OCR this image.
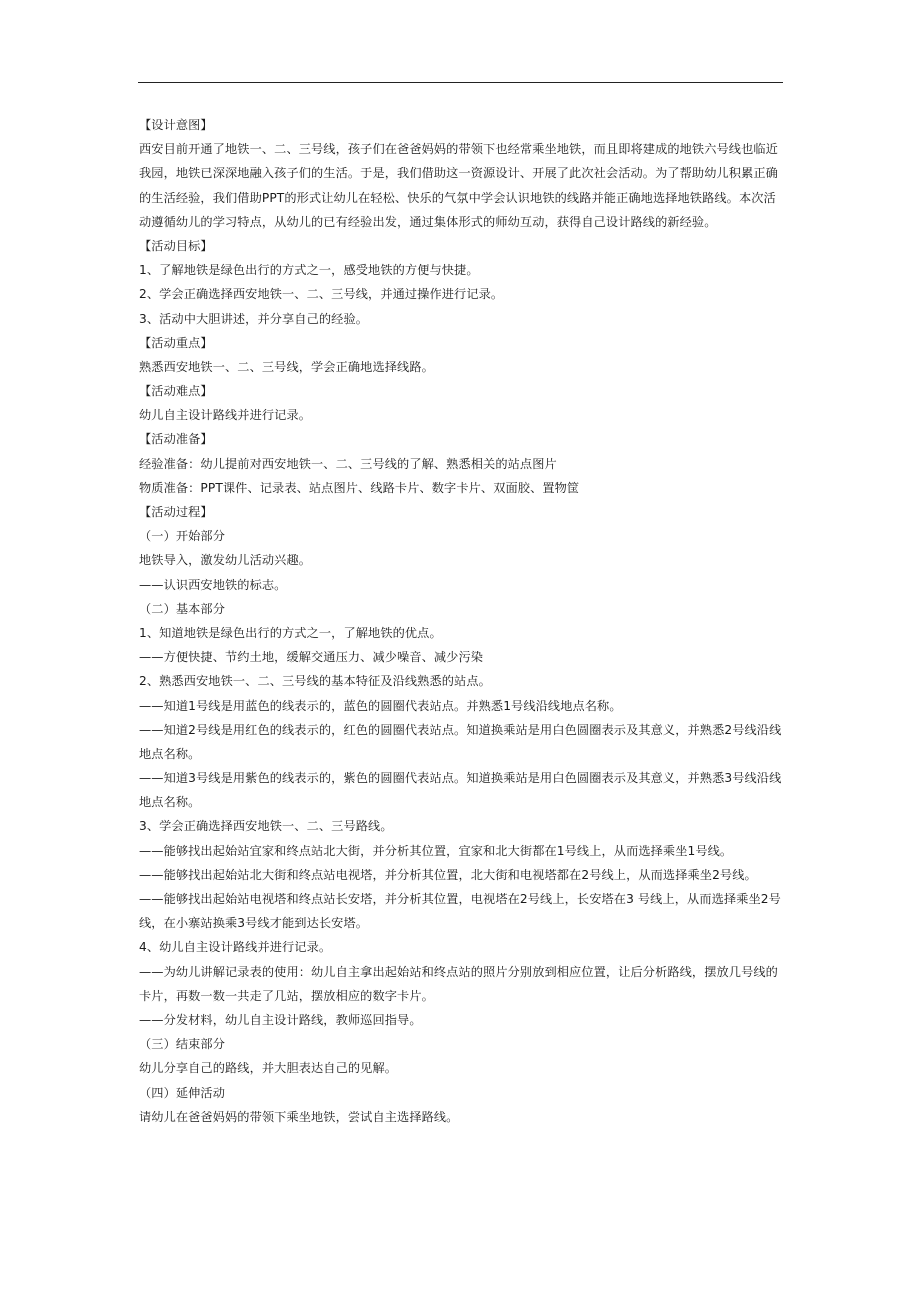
【设计意图】
西安目前开通了地铁一、二、三号线，孩子们在爸爸妈妈的带领下也经常乘坐地铁，而且即将建成的地铁六号线也临近
我园，地铁已深深地融入孩子们的生活。于是，我们借助这一资源设计、开展了此次社会活动。为了帮助幼儿积累正确
的生活经验，我们借助PPT的形式让幼儿在轻松、快乐的气氛中学会认识地铁的线路并能正确地选择地铁路线。本次活
动遵循幼儿的学习特点，从幼儿的已有经验出发，通过集体形式的师幼互动，获得自己设计路线的新经验。
【活动目标】
1、了解地铁是绿色出行的方式之一，感受地铁的方便与快捷。
2、学会正确选择西安地铁一、二、三号线，并通过操作进行记录。
3、活动中大胆讲述，并分享自己的经验。
【活动重点】
熟悉西安地铁一、二、三号线，学会正确地选择线路。
【活动难点】
幼儿自主设计路线并进行记录。
【活动准备】
经验准备：幼儿提前对西安地铁一、二、三号线的了解、熟悉相关的站点图片
物质准备：PPT课件、记录表、站点图片、线路卡片、数字卡片、双面胶、置物筐
【活动过程】
（一）开始部分
地铁导入，激发幼儿活动兴趣。
——认识西安地铁的标志。
（二）基本部分
1、知道地铁是绿色出行的方式之一，了解地铁的优点。
——方便快捷、节约土地，缓解交通压力、减少噪音、减少污染
2、熟悉西安地铁一、二、三号线的基本特征及沿线熟悉的站点。
——知道1号线是用蓝色的线表示的，蓝色的圆圈代表站点。并熟悉1号线沿线地点名称。
——知道2号线是用红色的线表示的，红色的圆圈代表站点。知道换乘站是用白色圆圈表示及其意义，并熟悉2号线沿线
地点名称。
——知道3号线是用紫色的线表示的，紫色的圆圈代表站点。知道换乘站是用白色圆圈表示及其意义，并熟悉3号线沿线
地点名称。
3、学会正确选择西安地铁一、二、三号路线。
——能够找出起始站宜家和终点站北大街，并分析其位置，宜家和北大街都在1号线上，从而选择乘坐1号线。
——能够找出起始站北大街和终点站电视塔，并分析其位置，北大街和电视塔都在2号线上，从而选择乘坐2号线。
——能够找出起始站电视塔和终点站长安塔，并分析其位置，电视塔在2号线上，长安塔在3 号线上，从而选择乘坐2号
线，在小寨站换乘3号线才能到达长安塔。
4、幼儿自主设计路线并进行记录。
——为幼儿讲解记录表的使用：幼儿自主拿出起始站和终点站的照片分别放到相应位置，让后分析路线，摆放几号线的
卡片，再数一数一共走了几站，摆放相应的数字卡片。
——分发材料，幼儿自主设计路线，教师巡回指导。
（三）结束部分
幼儿分享自己的路线，并大胆表达自己的见解。
（四）延伸活动
请幼儿在爸爸妈妈的带领下乘坐地铁，尝试自主选择路线。
